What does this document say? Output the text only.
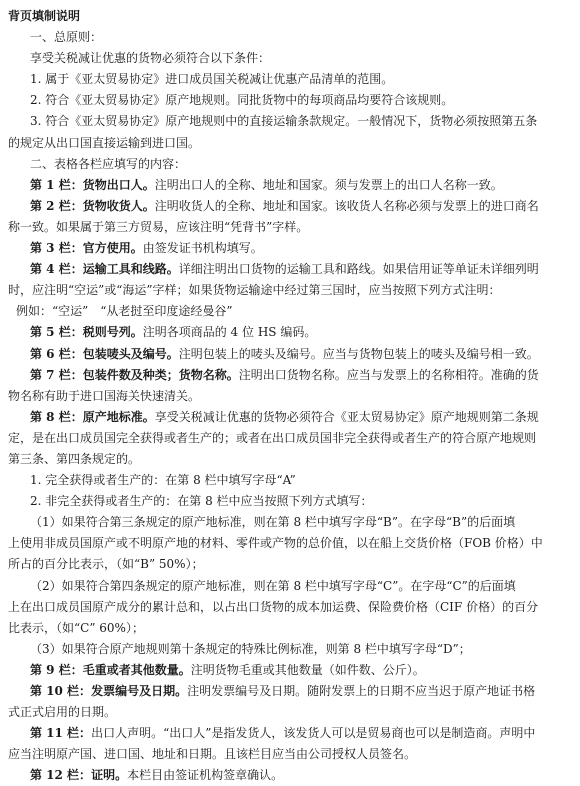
背页填制说明
一、总原则：
享受关税减让优惠的货物必须符合以下条件：
1. 属于《亚太贸易协定》进口成员国关税减让优惠产品清单的范围。
2. 符合《亚太贸易协定》原产地规则。同批货物中的每项商品均要符合该规则。
3. 符合《亚太贸易协定》原产地规则中的直接运输条款规定。一般情况下，货物必须按照第五条
的规定从出口国直接运输到进口国。
二、表格各栏应填写的内容：
第 1 栏：货物出口人。注明出口人的全称、地址和国家。须与发票上的出口人名称一致。
第 2 栏：货物收货人。注明收货人的全称、地址和国家。该收货人名称必须与发票上的进口商名
称一致。如果属于第三方贸易，应该注明“凭背书”字样。
第 3 栏：官方使用。由签发证书机构填写。
第 4 栏：运输工具和线路。详细注明出口货物的运输工具和路线。如果信用证等单证未详细列明
时，应注明“空运”或“海运”字样；如果货物运输途中经过第三国时，应当按照下列方式注明：
例如：“空运”　“从老挝至印度途经曼谷”
第 5 栏：税则号列。注明各项商品的 4 位 HS 编码。
第 6 栏：包装唛头及编号。注明包装上的唛头及编号。应当与货物包装上的唛头及编号相一致。
第 7 栏：包装件数及种类；货物名称。注明出口货物名称。应当与发票上的名称相符。准确的货
物名称有助于进口国海关快速清关。
第 8 栏：原产地标准。享受关税减让优惠的货物必须符合《亚太贸易协定》原产地规则第二条规
定，是在出口成员国完全获得或者生产的；或者在出口成员国非完全获得或者生产的符合原产地规则
第三条、第四条规定的。
1. 完全获得或者生产的：在第 8 栏中填写字母“A”
2. 非完全获得或者生产的：在第 8 栏中应当按照下列方式填写：
（1）如果符合第三条规定的原产地标准，则在第 8 栏中填写字母“B”。在字母“B”的后面填
上使用非成员国原产或不明原产地的材料、零件或产物的总价值，以在船上交货价格（FOB 价格）中
所占的百分比表示，（如“B” 50%）；
（2）如果符合第四条规定的原产地标准，则在第 8 栏中填写字母“C”。在字母“C”的后面填
上在出口成员国原产成分的累计总和，以占出口货物的成本加运费、保险费价格（CIF 价格）的百分
比表示，（如“C” 60%）；
（3）如果符合原产地规则第十条规定的特殊比例标准，则第 8 栏中填写字母“D”；
第 9 栏：毛重或者其他数量。注明货物毛重或其他数量（如件数、公斤）。
第 10 栏：发票编号及日期。注明发票编号及日期。随附发票上的日期不应当迟于原产地证书格
式正式启用的日期。
第 11 栏：出口人声明。“出口人”是指发货人，该发货人可以是贸易商也可以是制造商。声明中
应当注明原产国、进口国、地址和日期。且该栏目应当由公司授权人员签名。
第 12 栏：证明。本栏目由签证机构签章确认。
